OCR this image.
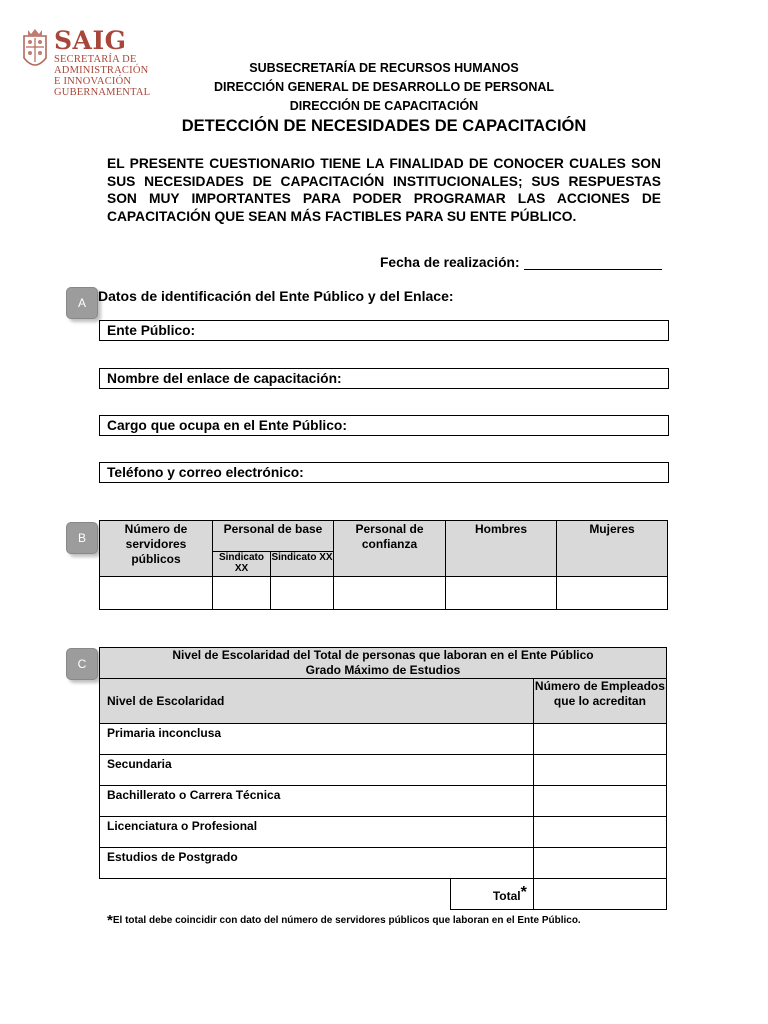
SAIG
SECRETARÍA DE ADMINISTRACIÓN
E INNOVACIÓN GUBERNAMENTAL
SUBSECRETARÍA DE RECURSOS HUMANOS
DIRECCIÓN GENERAL DE DESARROLLO DE PERSONAL
DIRECCIÓN DE CAPACITACIÓN
DETECCIÓN DE NECESIDADES DE CAPACITACIÓN
EL PRESENTE CUESTIONARIO TIENE LA FINALIDAD DE CONOCER CUALES SON SUS NECESIDADES DE CAPACITACIÓN INSTITUCIONALES; SUS RESPUESTAS SON MUY IMPORTANTES PARA PODER PROGRAMAR LAS ACCIONES DE CAPACITACIÓN QUE SEAN MÁS FACTIBLES PARA SU ENTE PÚBLICO.
Fecha de realización:
A Datos de identificación del Ente Público y del Enlace:
Ente Público:
Nombre del enlace de capacitación:
Cargo que ocupa en el Ente Público:
Teléfono y correo electrónico:
B
Número de servidores públicos	Personal de base		Personal de confianza	Hombres	Mujeres
	Sindicato XX	Sindicato XX			

C
Nivel de Escolaridad del Total de personas que laboran en el Ente Público
Grado Máximo de Estudios		

Nivel de Escolaridad		Número de Empleados que lo acreditan
Primaria inconclusa		
Secundaria		
Bachillerato o Carrera Técnica		
Licenciatura o Profesional		
Estudios de Postgrado		
	Total*	
*El total debe coincidir con dato del número de servidores públicos que laboran en el Ente Público.
